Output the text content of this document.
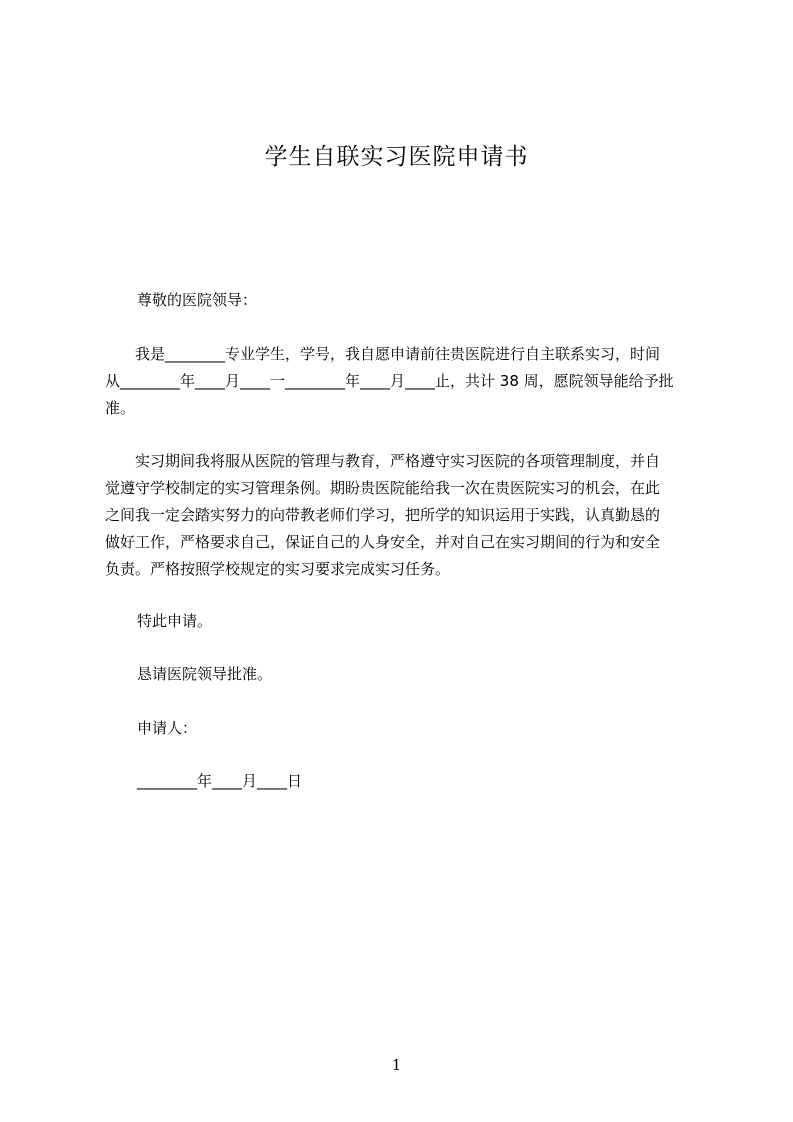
学生自联实习医院申请书
尊敬的医院领导：
　　我是________专业学生，学号，我自愿申请前往贵医院进行自主联系实习，时间
从________年____月____一________年____月____止，共计 38 周，愿院领导能给予批
准。
　　实习期间我将服从医院的管理与教育，严格遵守实习医院的各项管理制度，并自
觉遵守学校制定的实习管理条例。期盼贵医院能给我一次在贵医院实习的机会，在此
之间我一定会踏实努力的向带教老师们学习，把所学的知识运用于实践，认真勤恳的
做好工作，严格要求自己，保证自己的人身安全，并对自己在实习期间的行为和安全
负责。严格按照学校规定的实习要求完成实习任务。
特此申请。
恳请医院领导批准。
申请人：
________年____月____日
1
